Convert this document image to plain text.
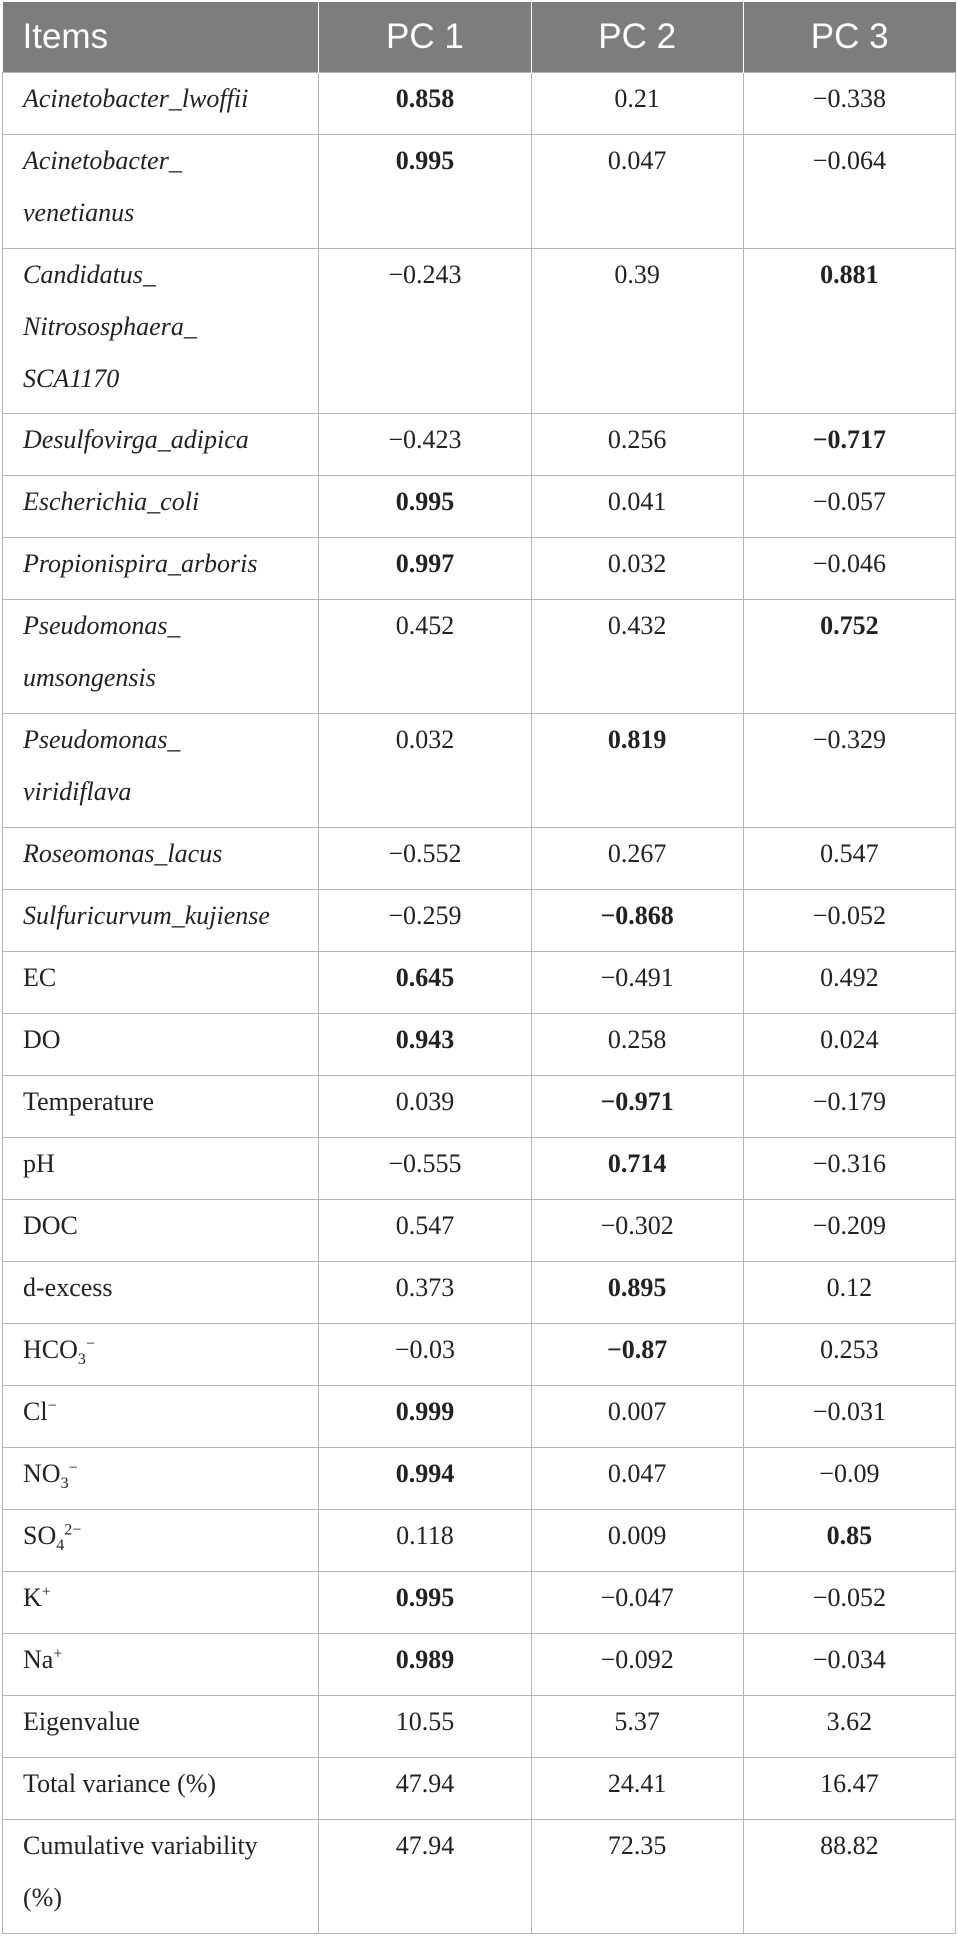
Items	PC 1	PC 2	PC 3
Acinetobacter_lwoffii	0.858	0.21	−0.338
Acinetobacter_
venetianus	0.995	0.047	−0.064
Candidatus_
Nitrososphaera_
SCA1170	−0.243	0.39	0.881
Desulfovirga_adipica	−0.423	0.256	−0.717
Escherichia_coli	0.995	0.041	−0.057
Propionispira_arboris	0.997	0.032	−0.046
Pseudomonas_
umsongensis	0.452	0.432	0.752
Pseudomonas_
viridiflava	0.032	0.819	−0.329
Roseomonas_lacus	−0.552	0.267	0.547
Sulfuricurvum_kujiense	−0.259	−0.868	−0.052
EC	0.645	−0.491	0.492
DO	0.943	0.258	0.024
Temperature	0.039	−0.971	−0.179
pH	−0.555	0.714	−0.316
DOC	0.547	−0.302	−0.209
d-excess	0.373	0.895	0.12
$HCO_3^-$	−0.03	−0.87	0.253
Cl−	0.999	0.007	−0.031
$NO_3^-$	0.994	0.047	−0.09
$SO_4^{2-}$	0.118	0.009	0.85
K+	0.995	−0.047	−0.052
Na+	0.989	−0.092	−0.034
Eigenvalue	10.55	5.37	3.62
Total variance (%)	47.94	24.41	16.47
Cumulative variability
(%)	47.94	72.35	88.82
